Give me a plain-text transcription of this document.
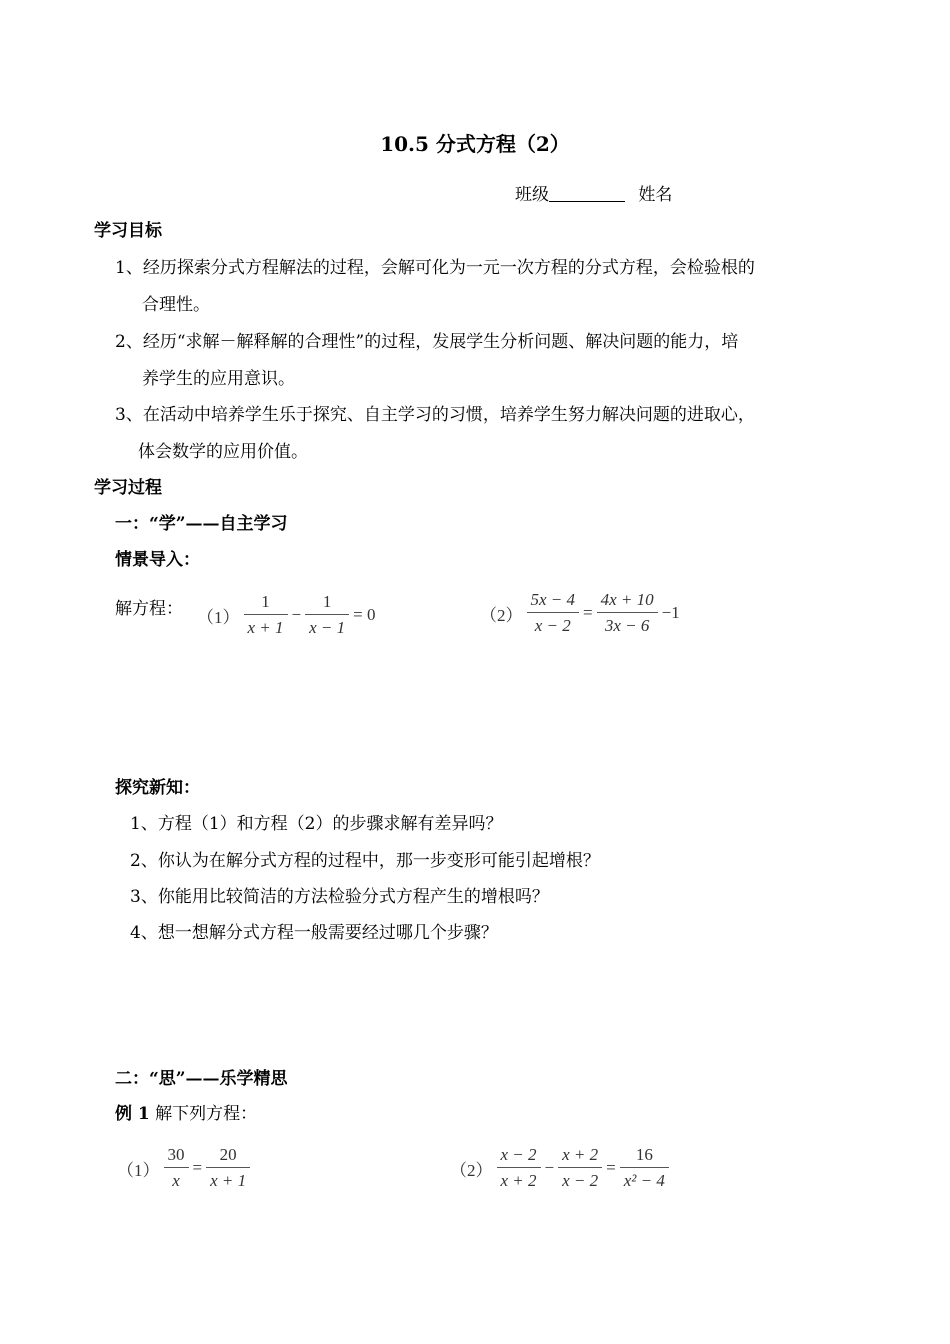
10.5 分式方程（2）
班级	姓名
学习目标
1、经历探索分式方程解法的过程，会解可化为一元一次方程的分式方程，会检验根的
合理性。
2、经历“求解－解释解的合理性”的过程，发展学生分析问题、解决问题的能力，培
养学生的应用意识。
3、在活动中培养学生乐于探究、自主学习的习惯，培养学生努力解决问题的进取心，
体会数学的应用价值。
学习过程
一：“学”——自主学习
情景导入：
解方程： $(1) \frac{1}{x + 1} - \frac{1}{x - 1} = 0$	$(2) \frac{5x - 4}{x - 2} = \frac{4x + 10}{3x - 6} -1$
探究新知：
1、方程（1）和方程（2）的步骤求解有差异吗？
2、你认为在解分式方程的过程中，那一步变形可能引起增根？
3、你能用比较简洁的方法检验分式方程产生的增根吗？
4、想一想解分式方程一般需要经过哪几个步骤？
二：“思”——乐学精思
例 1 解下列方程：
$(1) \frac{30}{x} = \frac{20}{x + 1}$	$(2) \frac{x - 2}{x + 2} - \frac{x + 2}{x - 2} = \frac{16}{\text{x² − 4}}$
